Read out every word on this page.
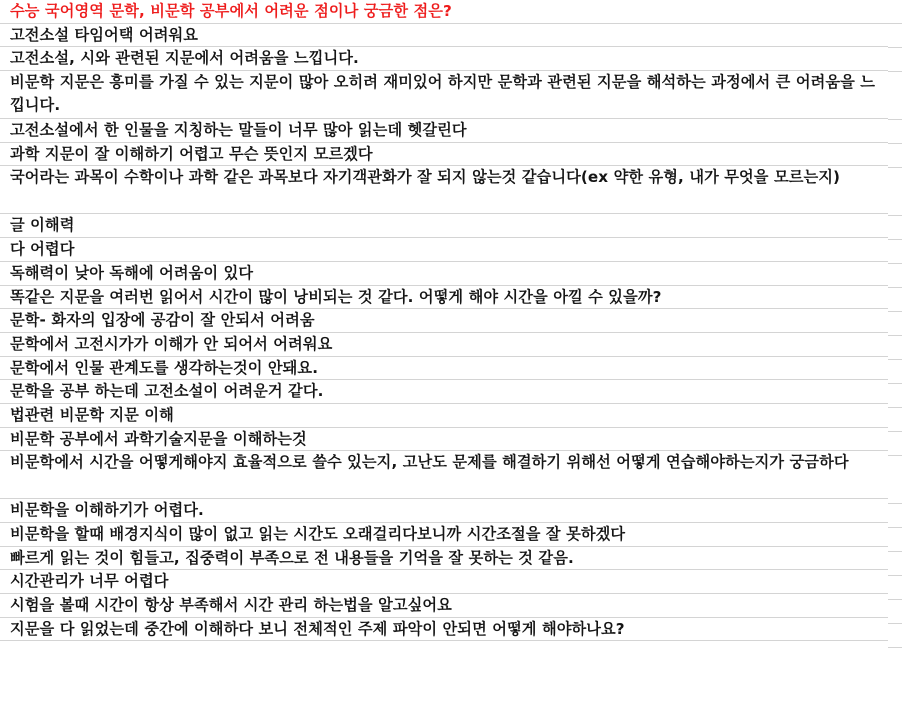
수능 국어영역 문학, 비문학 공부에서 어려운 점이나 궁금한 점은?
고전소설 타임어택 어려워요
고전소설, 시와 관련된 지문에서 어려움을 느낍니다.
비문학 지문은 흥미를 가질 수 있는 지문이 많아 오히려 재미있어 하지만 문학과 관련된 지문을 해석하는 과정에서 큰 어려움을 느낍니다.
고전소설에서 한 인물을 지칭하는 말들이 너무 많아 읽는데 헷갈린다
과학 지문이 잘 이해하기 어렵고 무슨 뜻인지 모르겠다
국어라는 과목이 수학이나 과학 같은 과목보다 자기객관화가 잘 되지 않는것 같습니다(ex 약한 유형, 내가 무엇을 모르는지)
글 이해력
다 어렵다
독해력이 낮아 독해에 어려움이 있다
똑같은 지문을 여러번 읽어서 시간이 많이 낭비되는 것 같다. 어떻게 해야 시간을 아낄 수 있을까?
문학- 화자의 입장에 공감이 잘 안되서 어려움
문학에서 고전시가가 이해가 안 되어서 어려워요
문학에서 인물 관계도를 생각하는것이 안돼요.
문학을 공부 하는데 고전소설이 어려운거 같다.
법관련 비문학 지문 이해
비문학 공부에서 과학기술지문을 이해하는것
비문학에서 시간을 어떻게해야지 효율적으로 쓸수 있는지, 고난도 문제를 해결하기 위해선 어떻게 연습해야하는지가 궁금하다
비문학을 이해하기가 어렵다.
비문학을 할때 배경지식이 많이 없고 읽는 시간도 오래걸리다보니까 시간조절을 잘 못하겠다
빠르게 읽는 것이 힘들고, 집중력이 부족으로 전 내용들을 기억을 잘 못하는 것 같음.
시간관리가 너무 어렵다
시험을 볼때 시간이 항상 부족해서 시간 관리 하는법을 알고싶어요
지문을 다 읽었는데 중간에 이해하다 보니 전체적인 주제 파악이 안되면 어떻게 해야하나요?
